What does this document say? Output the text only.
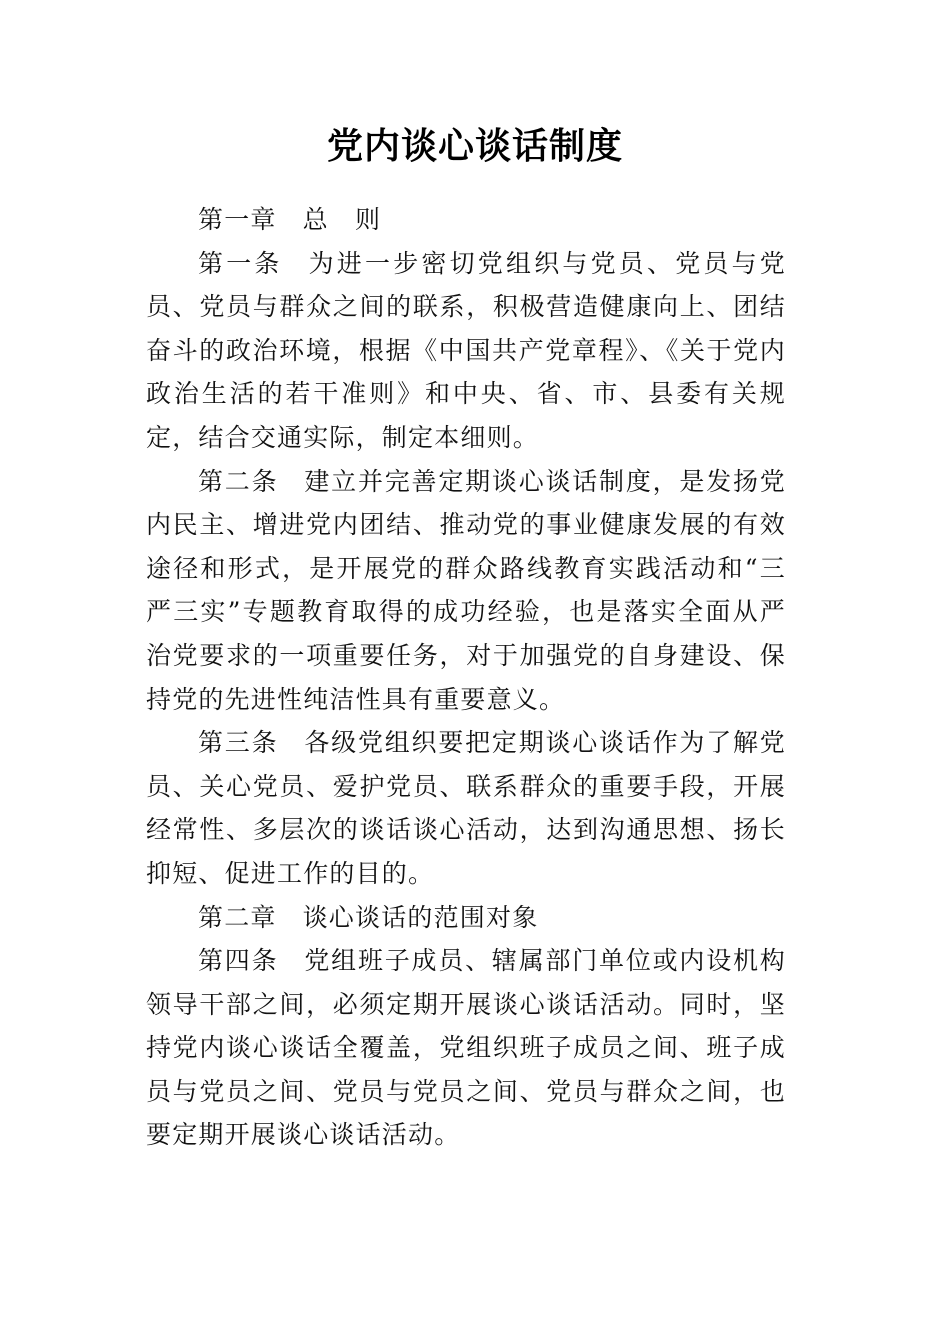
党内谈心谈话制度

第一章 总　则

第一条 为进一步密切党组织与党员、党员与党员、党员与群众之间的联系，积极营造健康向上、团结奋斗的政治环境，根据《中国共产党章程》、《关于党内政治生活的若干准则》和中央、省、市、县委有关规定，结合交通实际，制定本细则。

第二条 建立并完善定期谈心谈话制度，是发扬党内民主、增进党内团结、推动党的事业健康发展的有效途径和形式，是开展党的群众路线教育实践活动和“三严三实”专题教育取得的成功经验，也是落实全面从严治党要求的一项重要任务，对于加强党的自身建设、保持党的先进性纯洁性具有重要意义。

第三条 各级党组织要把定期谈心谈话作为了解党员、关心党员、爱护党员、联系群众的重要手段，开展经常性、多层次的谈话谈心活动，达到沟通思想、扬长抑短、促进工作的目的。

第二章 谈心谈话的范围对象

第四条 党组班子成员、辖属部门单位或内设机构领导干部之间，必须定期开展谈心谈话活动。同时，坚持党内谈心谈话全覆盖，党组织班子成员之间、班子成员与党员之间、党员与党员之间、党员与群众之间，也要定期开展谈心谈话活动。
